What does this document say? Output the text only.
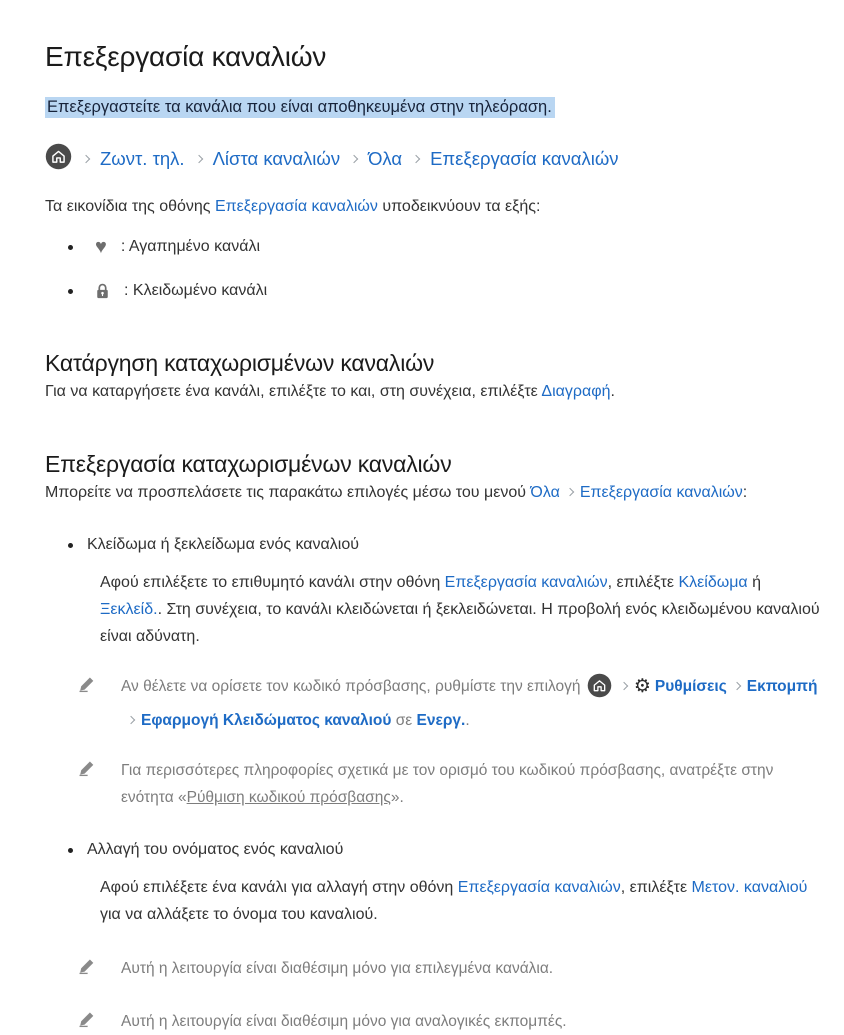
Επεξεργασία καναλιών

Επεξεργαστείτε τα κανάλια που είναι αποθηκευμένα στην τηλεόραση.

Ζωντ. τηλ. Λίστα καναλιών Όλα Επεξεργασία καναλιών

Τα εικονίδια της οθόνης Επεξεργασία καναλιών υποδεικνύουν τα εξής:

♥ : Αγαπημένο κανάλι
: Κλειδωμένο κανάλι
Κατάργηση καταχωρισμένων καναλιών

Για να καταργήσετε ένα κανάλι, επιλέξτε το και, στη συνέχεια, επιλέξτε Διαγραφή.

Επεξεργασία καταχωρισμένων καναλιών

Μπορείτε να προσπελάσετε τις παρακάτω επιλογές μέσω του μενού Όλα Επεξεργασία καναλιών:

Κλείδωμα ή ξεκλείδωμα ενός καναλιού

Αφού επιλέξετε το επιθυμητό κανάλι στην οθόνη Επεξεργασία καναλιών, επιλέξτε Κλείδωμα ή Ξεκλείδ.. Στη συνέχεια, το κανάλι κλειδώνεται ή ξεκλειδώνεται. Η προβολή ενός κλειδωμένου καναλιού είναι αδύνατη.

Αν θέλετε να ορίσετε τον κωδικό πρόσβασης, ρυθμίστε την επιλογή	⚙ Ρυθμίσεις ΕκπομπήΕφαρμογή Κλειδώματος καναλιού σε Ενεργ..
Για περισσότερες πληροφορίες σχετικά με τον ορισμό του κωδικού πρόσβασης, ανατρέξτε στην ενότητα «Ρύθμιση κωδικού πρόσβασης».
Αλλαγή του ονόματος ενός καναλιού

Αφού επιλέξετε ένα κανάλι για αλλαγή στην οθόνη Επεξεργασία καναλιών, επιλέξτε Μετον. καναλιού για να αλλάξετε το όνομα του καναλιού.

Αυτή η λειτουργία είναι διαθέσιμη μόνο για επιλεγμένα κανάλια.
Αυτή η λειτουργία είναι διαθέσιμη μόνο για αναλογικές εκπομπές.
